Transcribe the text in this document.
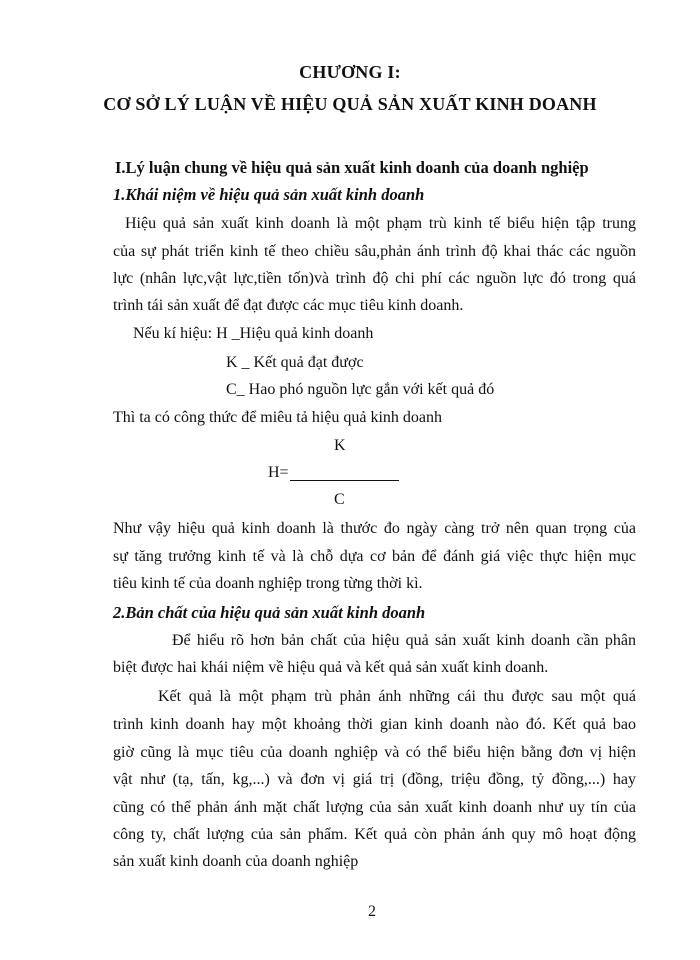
CHƯƠNG I:
CƠ SỞ LÝ LUẬN VỀ HIỆU QUẢ SẢN XUẤT KINH DOANH
I.Lý luận chung về hiệu quả sản xuất kinh doanh của doanh nghiệp
1.Khái niệm về hiệu quả sản xuất kinh doanh
Hiệu quả sản xuất kinh doanh là một phạm trù kinh tế biểu hiện tập trung
của sự phát triển kinh tế theo chiều sâu,phản ánh trình độ khai thác các nguồn
lực (nhân lực,vật lực,tiền tốn)và trình độ chi phí các nguồn lực đó trong quá
trình tái sản xuất để đạt được các mục tiêu kinh doanh.
Nếu kí hiệu: H _Hiệu quả kinh doanh
K _ Kết quả đạt được
C_ Hao phó nguồn lực gắn với kết quả đó
Thì ta có công thức để miêu tả hiệu quả kinh doanh
K
H=
C
Như vậy hiệu quả kinh doanh là thước đo ngày càng trở nên quan trọng của
sự tăng trưởng kinh tế và là chỗ dựa cơ bản để đánh giá việc thực hiện mục
tiêu kinh tế của doanh nghiệp trong từng thời kì.
2.Bản chất của hiệu quả sản xuất kinh doanh
Để hiểu rõ hơn bản chất của hiệu quả sản xuất kinh doanh cần phân
biệt được hai khái niệm về hiệu quả và kết quả sản xuất kinh doanh.
Kết quả là một phạm trù phản ánh những cái thu được sau một quá
trình kinh doanh hay một khoảng thời gian kinh doanh nào đó. Kết quả bao
giờ cũng là mục tiêu của doanh nghiệp và có thể biểu hiện bằng đơn vị hiện
vật như (tạ, tấn, kg,...) và đơn vị giá trị (đồng, triệu đồng, tỷ đồng,...) hay
cũng có thể phản ánh mặt chất lượng của sản xuất kinh doanh như uy tín của
công ty, chất lượng của sản phẩm. Kết quả còn phản ánh quy mô hoạt động
sản xuất kinh doanh của doanh nghiệp
2
